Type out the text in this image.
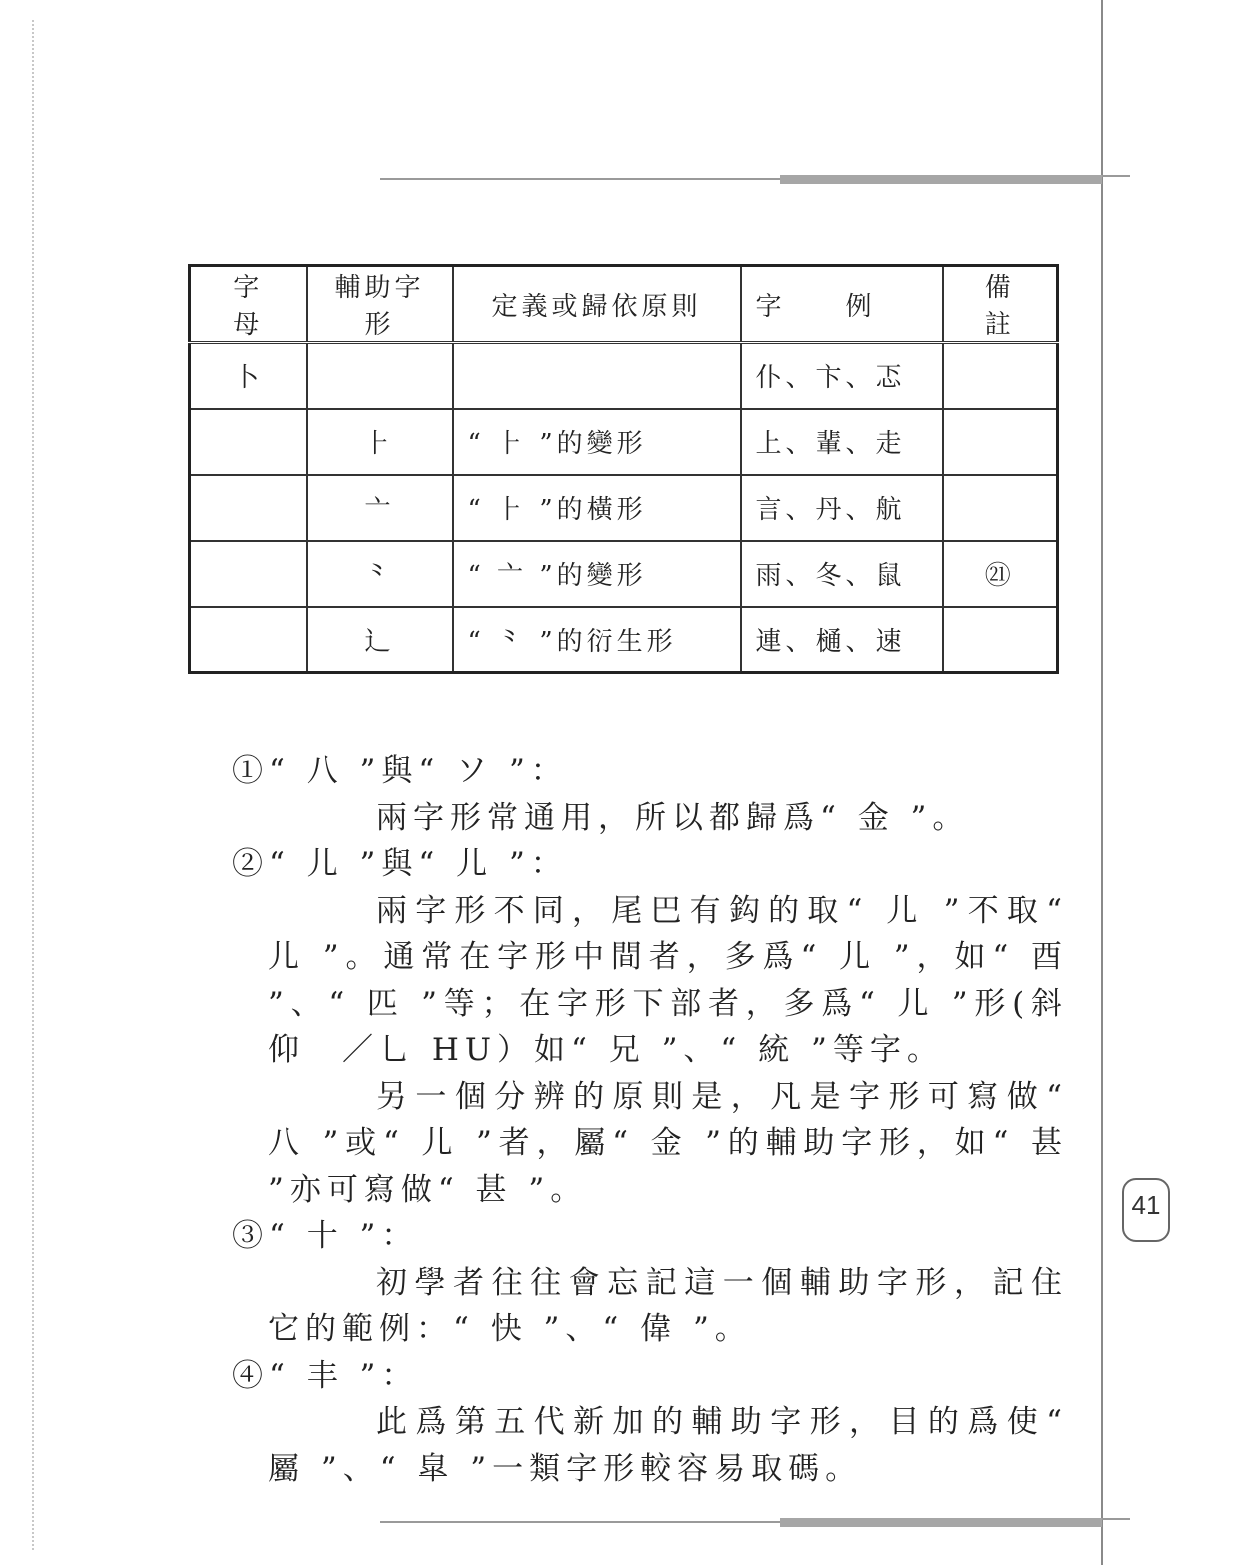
字　母	輔助字形	定義或歸依原則	字　　例	備　註
卜			仆、卞、忑	
	⺊	“ ⺊ ”的變形	上、輩、走	
	亠	“ ⺊ ”的橫形	言、丹、航	
	⺀	“ 亠 ”的變形	雨、冬、鼠	㉑
	辶	“ ⺀ ”的衍生形	連、樋、速	

①“ 八 ”與“ ソ ”：

兩字形常通用，所以都歸爲“ 金 ”。

②“ 儿 ”與“ 儿 ”：

兩字形不同，尾巴有鈎的取“ 儿 ”不取“ 儿 ”。通常在字形中間者，多爲“ 儿 ”，如“ 酉 ”、“ 匹 ”等；在字形下部者，多爲“ 儿 ”形(斜仰　／乚 HU）如“ 兄 ”、“ 統 ”等字。

另一個分辨的原則是，凡是字形可寫做“ 八 ”或“ 儿 ”者，屬“ 金 ”的輔助字形，如“ 甚 ”亦可寫做“ 甚 ”。

③“ 十 ”：

初學者往往會忘記這一個輔助字形，記住它的範例：“ 快 ”、“ 偉 ”。

④“ 丰 ”：

此爲第五代新加的輔助字形，目的爲使“ 屬 ”、“ 皐 ”一類字形較容易取碼。

41
